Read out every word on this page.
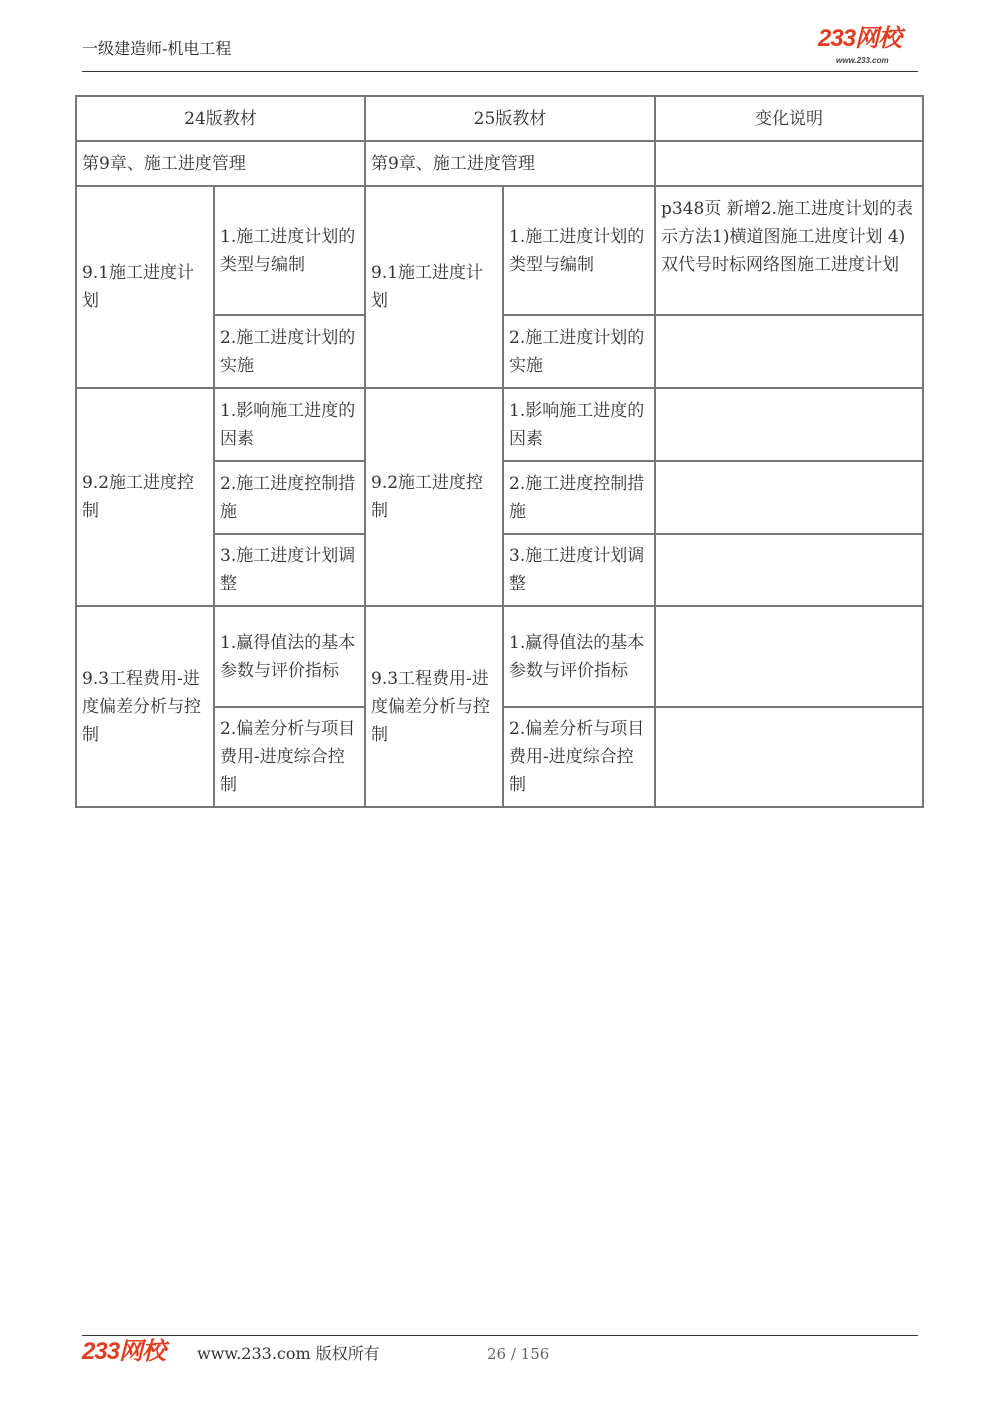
一级建造师-机电工程	233网校
www.233.com
24版教材		25版教材		变化说明
第9章、施工进度管理		第9章、施工进度管理		
9.1施工进度计划	1.施工进度计划的类型与编制	9.1施工进度计划	1.施工进度计划的类型与编制	p348页 新增2.施工进度计划的表示方法1)横道图施工进度计划 4)双代号时标网络图施工进度计划
	2.施工进度计划的实施		2.施工进度计划的实施	
9.2施工进度控制	1.影响施工进度的因素	9.2施工进度控制	1.影响施工进度的因素	
	2.施工进度控制措施		2.施工进度控制措施	
	3.施工进度计划调整		3.施工进度计划调整	
9.3工程费用-进度偏差分析与控制	1.赢得值法的基本参数与评价指标	9.3工程费用-进度偏差分析与控制	1.赢得值法的基本参数与评价指标	
	2.偏差分析与项目费用-进度综合控制		2.偏差分析与项目费用-进度综合控制	
233网校 www.233.com 版权所有	26 / 156
